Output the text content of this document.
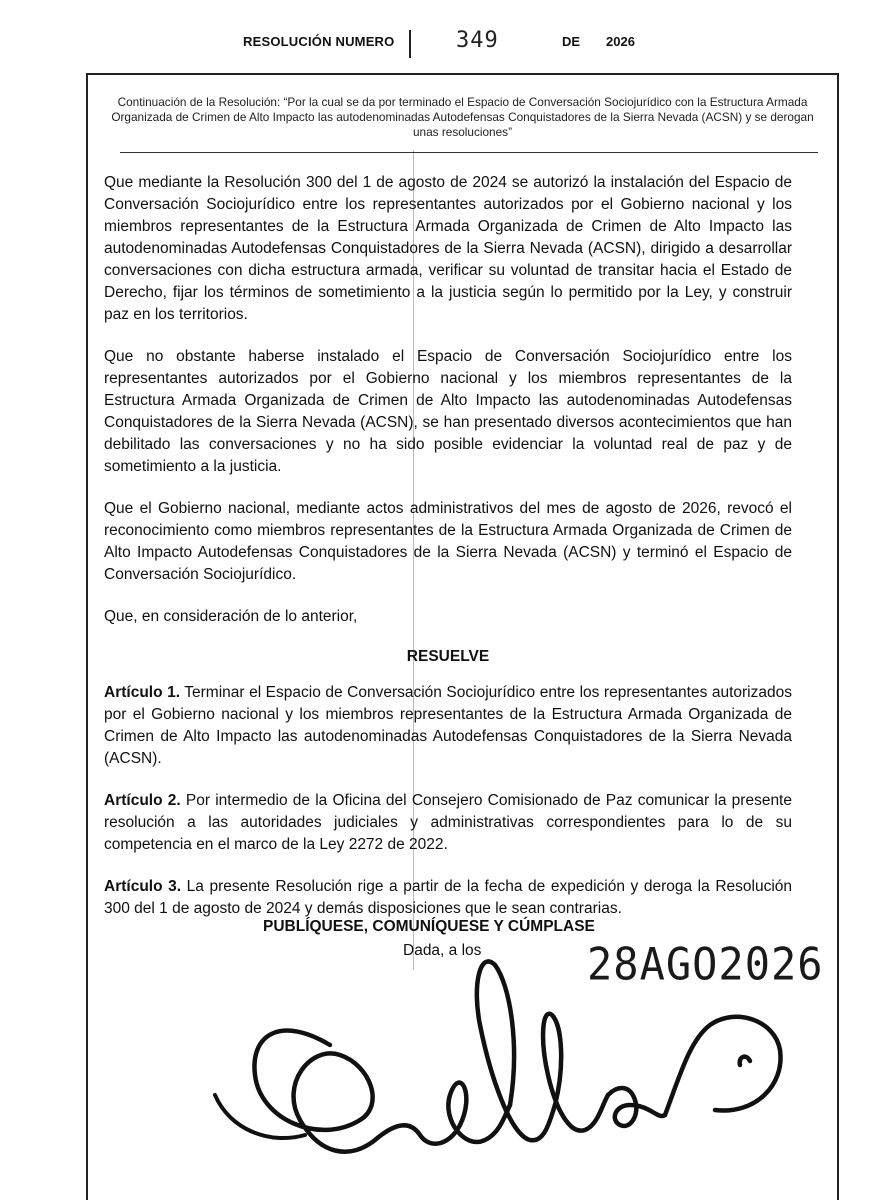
RESOLUCIÓN NUMERO	349	DE 2026
Continuación de la Resolución: “Por la cual se da por terminado el Espacio de Conversación Sociojurídico con la Estructura Armada Organizada de Crimen de Alto Impacto las autodenominadas Autodefensas Conquistadores de la Sierra Nevada (ACSN) y se derogan unas resoluciones”

Que mediante la Resolución 300 del 1 de agosto de 2024 se autorizó la instalación del Espacio de Conversación Sociojurídico entre los representantes autorizados por el Gobierno nacional y los miembros representantes de la Estructura Armada Organizada de Crimen de Alto Impacto las autodenominadas Autodefensas Conquistadores de la Sierra Nevada (ACSN), dirigido a desarrollar conversaciones con dicha estructura armada, verificar su voluntad de transitar hacia el Estado de Derecho, fijar los términos de sometimiento a la justicia según lo permitido por la Ley, y construir paz en los territorios.

Que no obstante haberse instalado el Espacio de Conversación Sociojurídico entre los representantes autorizados por el Gobierno nacional y los miembros representantes de la Estructura Armada Organizada de Crimen de Alto Impacto las autodenominadas Autodefensas Conquistadores de la Sierra Nevada (ACSN), se han presentado diversos acontecimientos que han debilitado las conversaciones y no ha sido posible evidenciar la voluntad real de paz y de sometimiento a la justicia.

Que el Gobierno nacional, mediante actos administrativos del mes de agosto de 2026, revocó el reconocimiento como miembros representantes de la Estructura Armada Organizada de Crimen de Alto Impacto Autodefensas Conquistadores de la Sierra Nevada (ACSN) y terminó el Espacio de Conversación Sociojurídico.

Que, en consideración de lo anterior,

RESUELVE

Artículo 1. Terminar el Espacio de Conversación Sociojurídico entre los representantes autorizados por el Gobierno nacional y los miembros representantes de la Estructura Armada Organizada de Crimen de Alto Impacto las autodenominadas Autodefensas Conquistadores de la Sierra Nevada (ACSN).

Artículo 2. Por intermedio de la Oficina del Consejero Comisionado de Paz comunicar la presente resolución a las autoridades judiciales y administrativas correspondientes para lo de su competencia en el marco de la Ley 2272 de 2022.

Artículo 3. La presente Resolución rige a partir de la fecha de expedición y deroga la Resolución 300 del 1 de agosto de 2024 y demás disposiciones que le sean contrarias.

PUBLÍQUESE, COMUNÍQUESE Y CÚMPLASE
Dada, a los	28AGO2026
